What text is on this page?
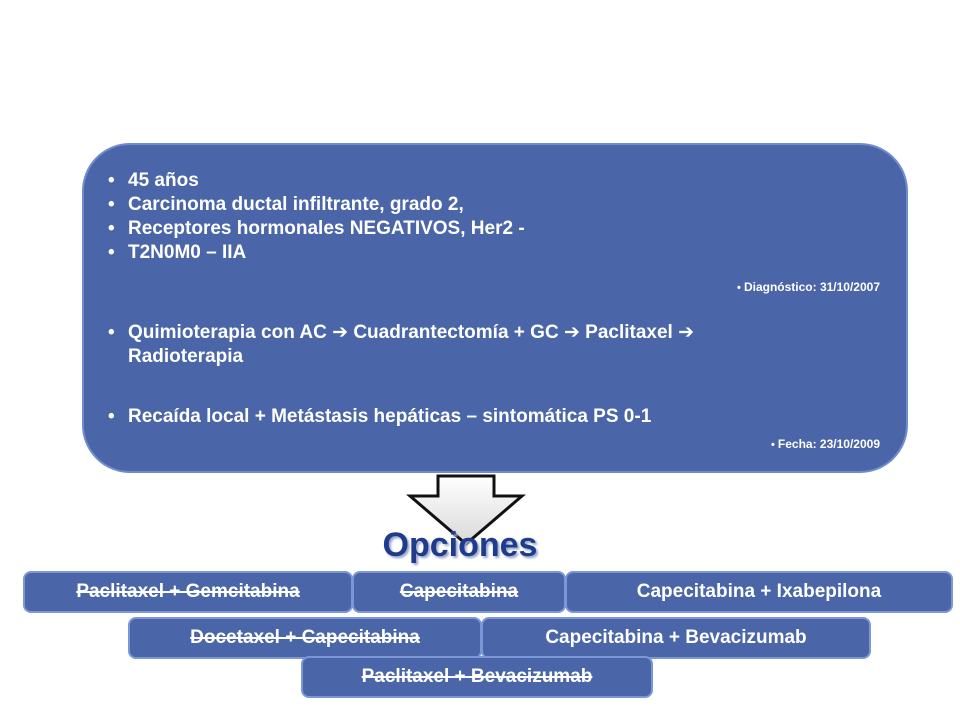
• 45 años
• Carcinoma ductal infiltrante, grado 2,
• Receptores hormonales NEGATIVOS, Her2 -
• T2N0M0 – IIA
• Diagnóstico: 31/10/2007
• Quimioterapia con AC ➔ Cuadrantectomía + GC ➔ Paclitaxel ➔
Radioterapia
• Recaída local + Metástasis hepáticas – sintomática PS 0-1
• Fecha: 23/10/2009
Opciones
Paclitaxel + Gemcitabina	Capecitabina	Capecitabina + Ixabepilona
Docetaxel + Capecitabina	Capecitabina + Bevacizumab
Paclitaxel + Bevacizumab
